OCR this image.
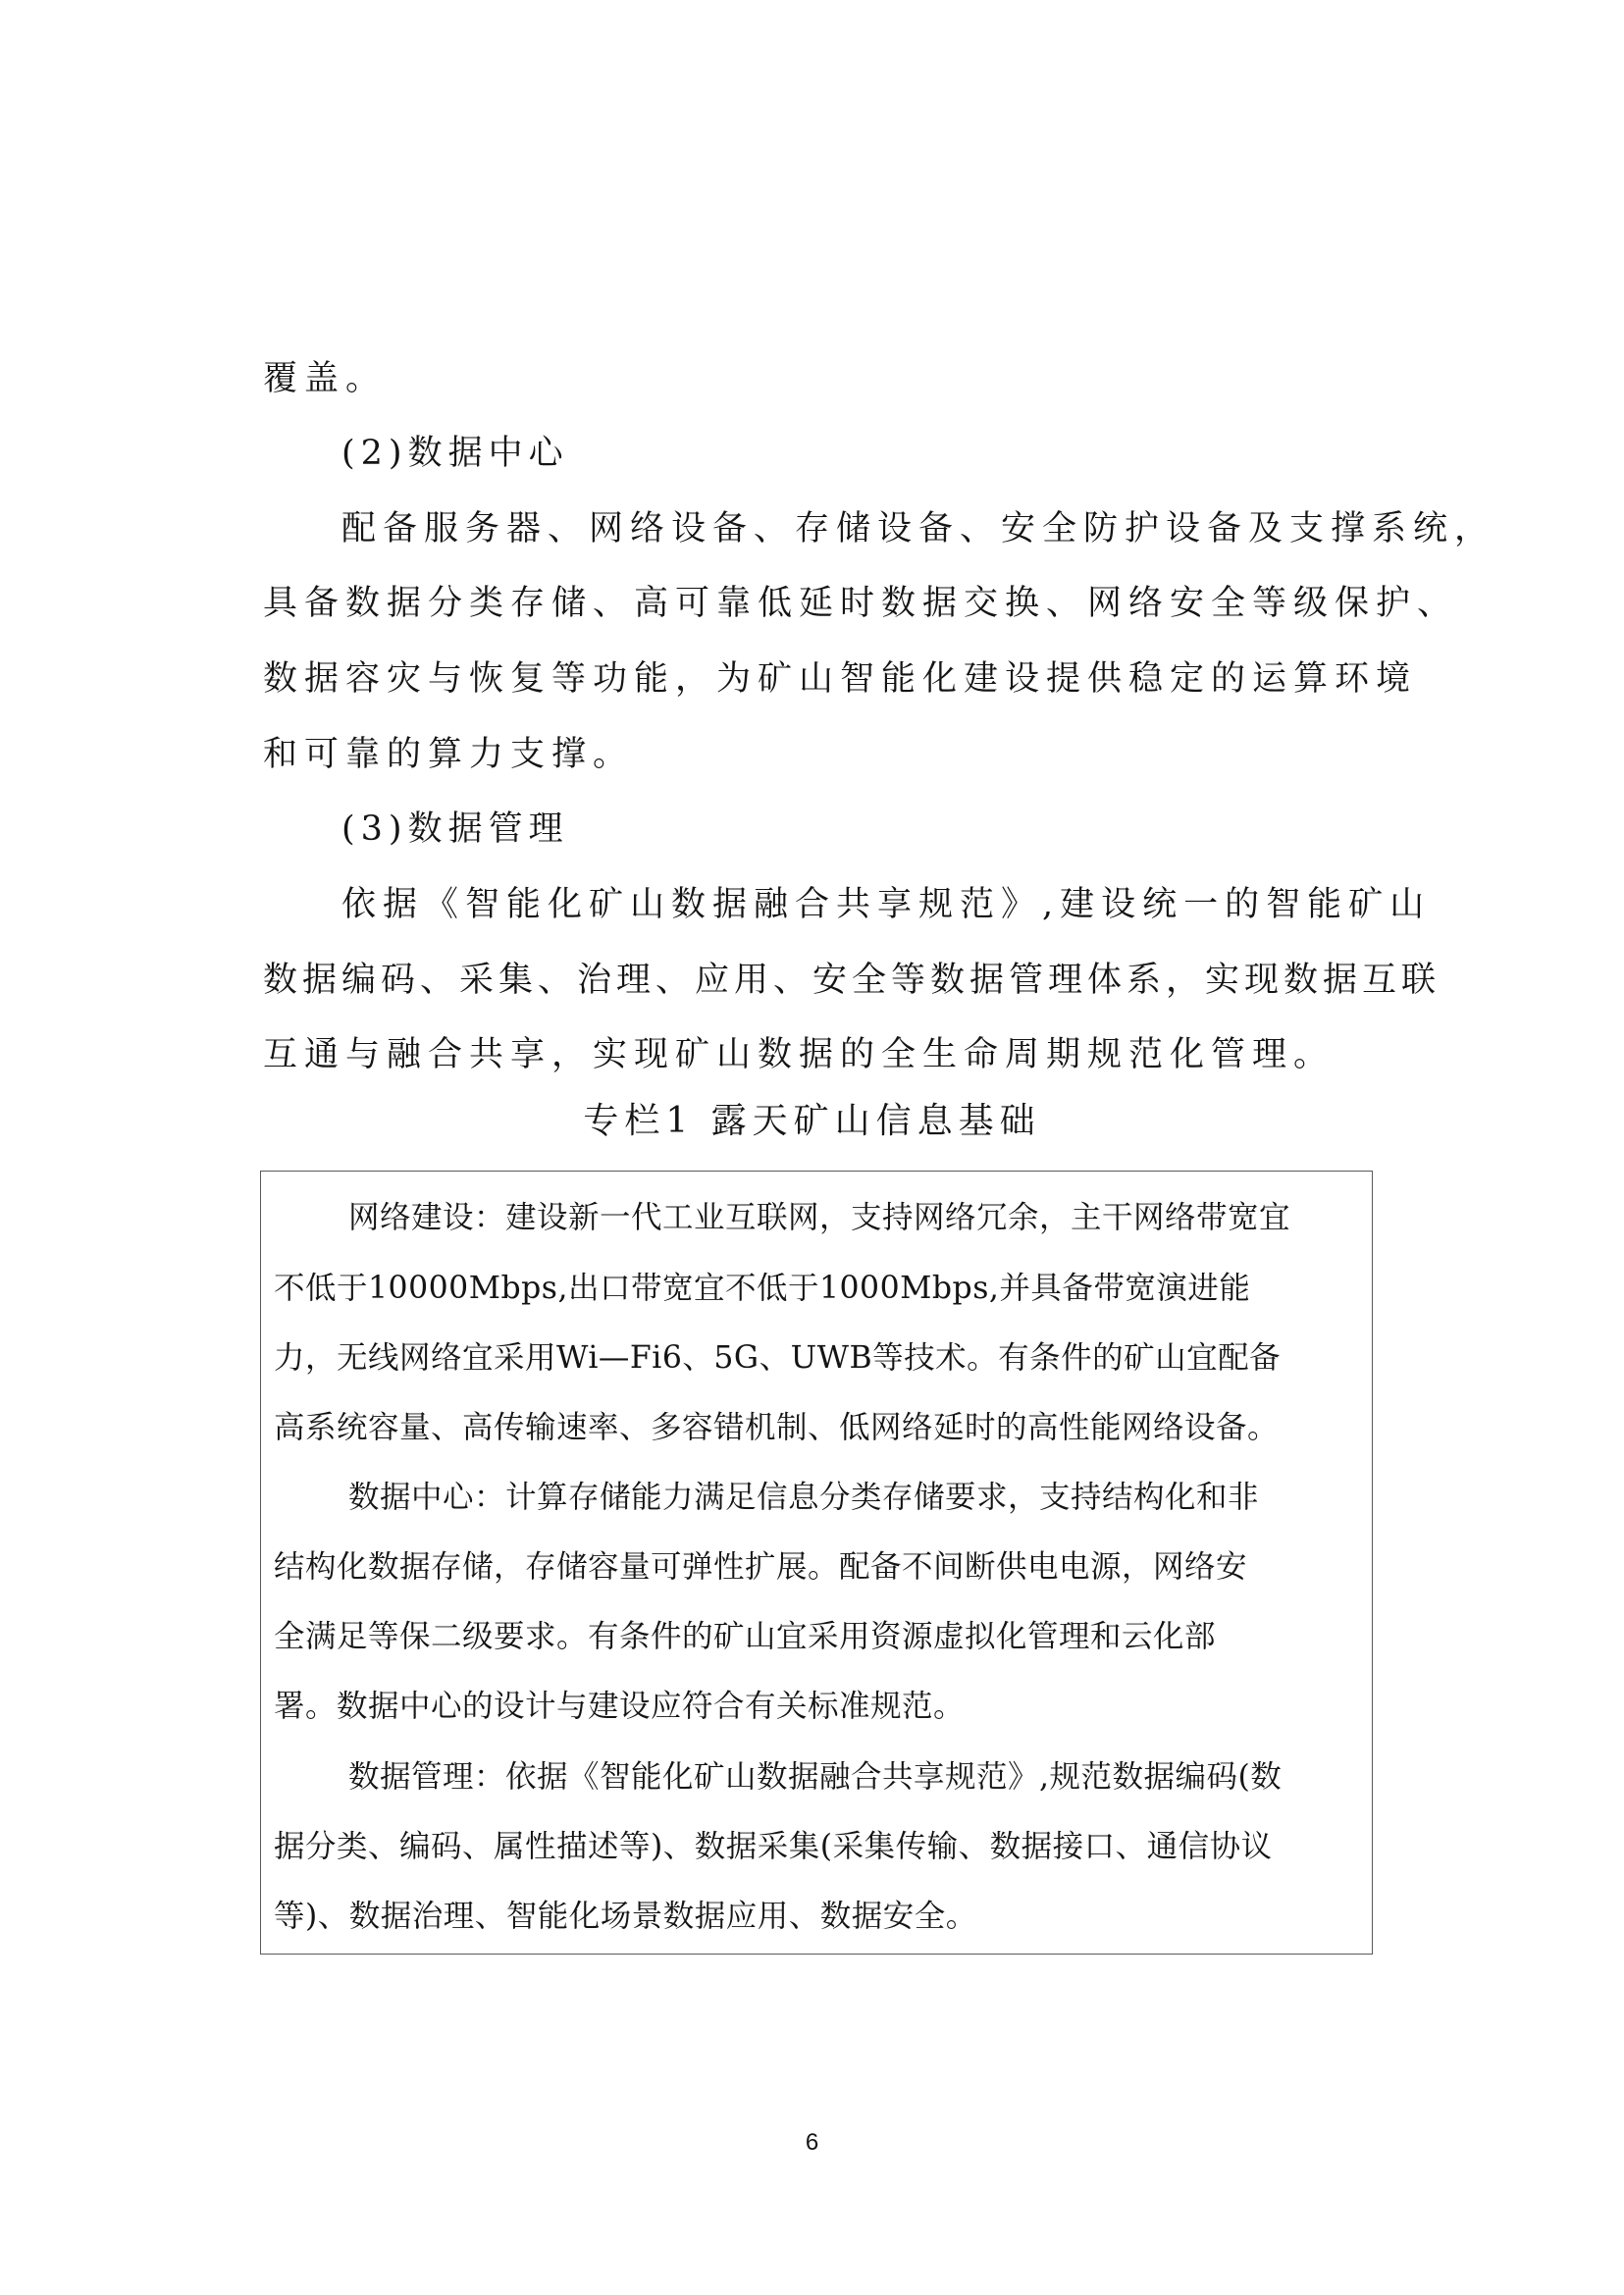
覆盖。

(2)数据中心

配备服务器、网络设备、存储设备、安全防护设备及支撑系统，

具备数据分类存储、高可靠低延时数据交换、网络安全等级保护、

数据容灾与恢复等功能，为矿山智能化建设提供稳定的运算环境

和可靠的算力支撑。

(3)数据管理

依据《智能化矿山数据融合共享规范》,建设统一的智能矿山

数据编码、采集、治理、应用、安全等数据管理体系，实现数据互联

互通与融合共享，实现矿山数据的全生命周期规范化管理。

专栏1 露天矿山信息基础
网络建设：建设新一代工业互联网，支持网络冗余，主干网络带宽宜
不低于10000Mbps,出口带宽宜不低于1000Mbps,并具备带宽演进能
力，无线网络宜采用Wi—Fi6、5G、UWB等技术。有条件的矿山宜配备
高系统容量、高传输速率、多容错机制、低网络延时的高性能网络设备。
数据中心：计算存储能力满足信息分类存储要求，支持结构化和非
结构化数据存储，存储容量可弹性扩展。配备不间断供电电源，网络安
全满足等保二级要求。有条件的矿山宜采用资源虚拟化管理和云化部
署。数据中心的设计与建设应符合有关标准规范。
数据管理：依据《智能化矿山数据融合共享规范》,规范数据编码(数
据分类、编码、属性描述等)、数据采集(采集传输、数据接口、通信协议
等)、数据治理、智能化场景数据应用、数据安全。
6
